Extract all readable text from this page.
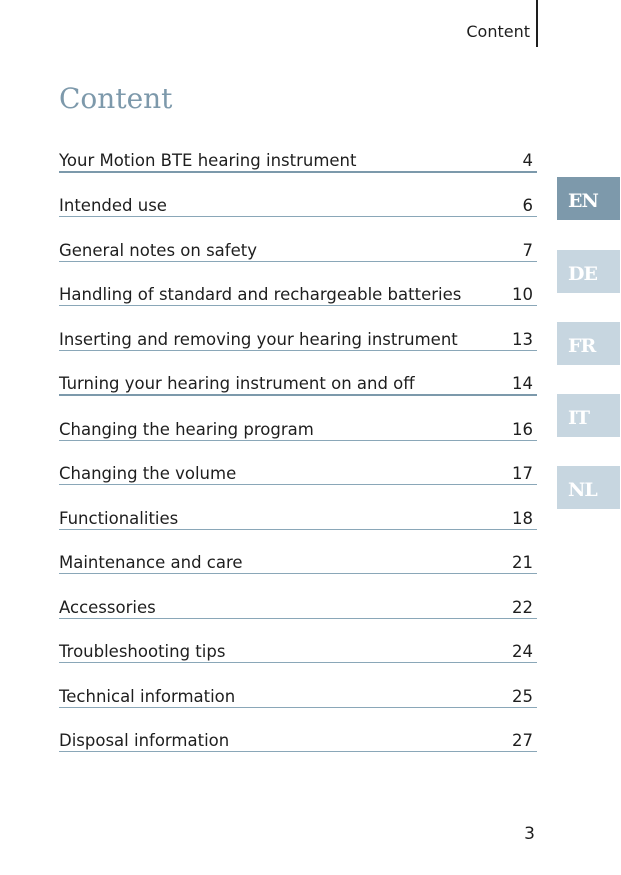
Content
Content
Your Motion BTE hearing instrument	4
Intended use	6
General notes on safety	7
Handling of standard and rechargeable batteries	10
Inserting and removing your hearing instrument	13
Turning your hearing instrument on and off	14
Changing the hearing program	16
Changing the volume	17
Functionalities	18
Maintenance and care	21
Accessories	22
Troubleshooting tips	24
Technical information	25
Disposal information	27
EN
DE
FR
IT
NL
3
